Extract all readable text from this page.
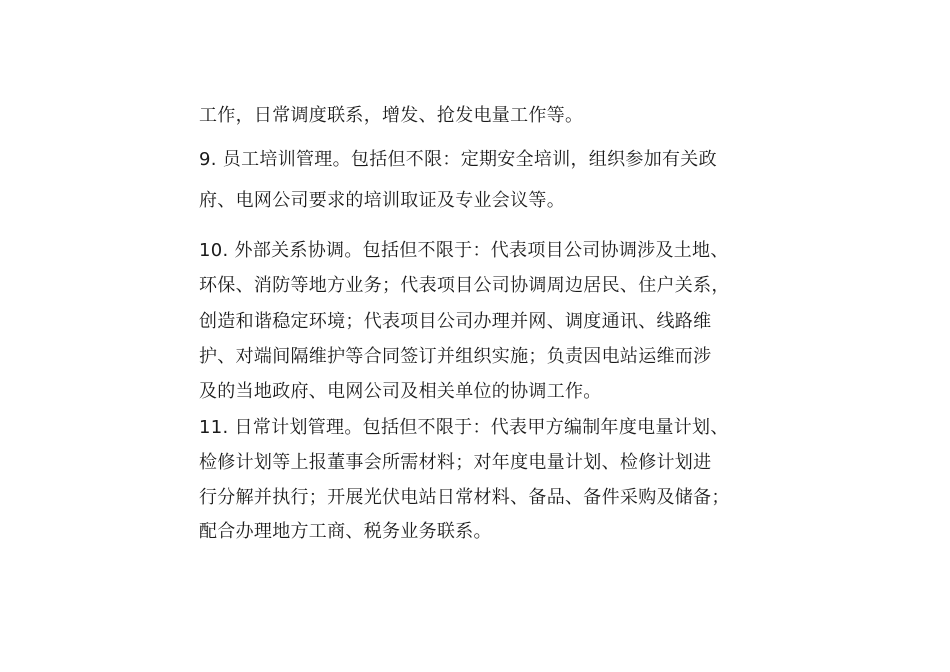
工作，日常调度联系，增发、抢发电量工作等。
9. 员工培训管理。包括但不限：定期安全培训，组织参加有关政
府、电网公司要求的培训取证及专业会议等。
10. 外部关系协调。包括但不限于：代表项目公司协调涉及土地、
环保、消防等地方业务；代表项目公司协调周边居民、住户关系，
创造和谐稳定环境；代表项目公司办理并网、调度通讯、线路维
护、对端间隔维护等合同签订并组织实施；负责因电站运维而涉
及的当地政府、电网公司及相关单位的协调工作。
11. 日常计划管理。包括但不限于：代表甲方编制年度电量计划、
检修计划等上报董事会所需材料；对年度电量计划、检修计划进
行分解并执行；开展光伏电站日常材料、备品、备件采购及储备；
配合办理地方工商、税务业务联系。
